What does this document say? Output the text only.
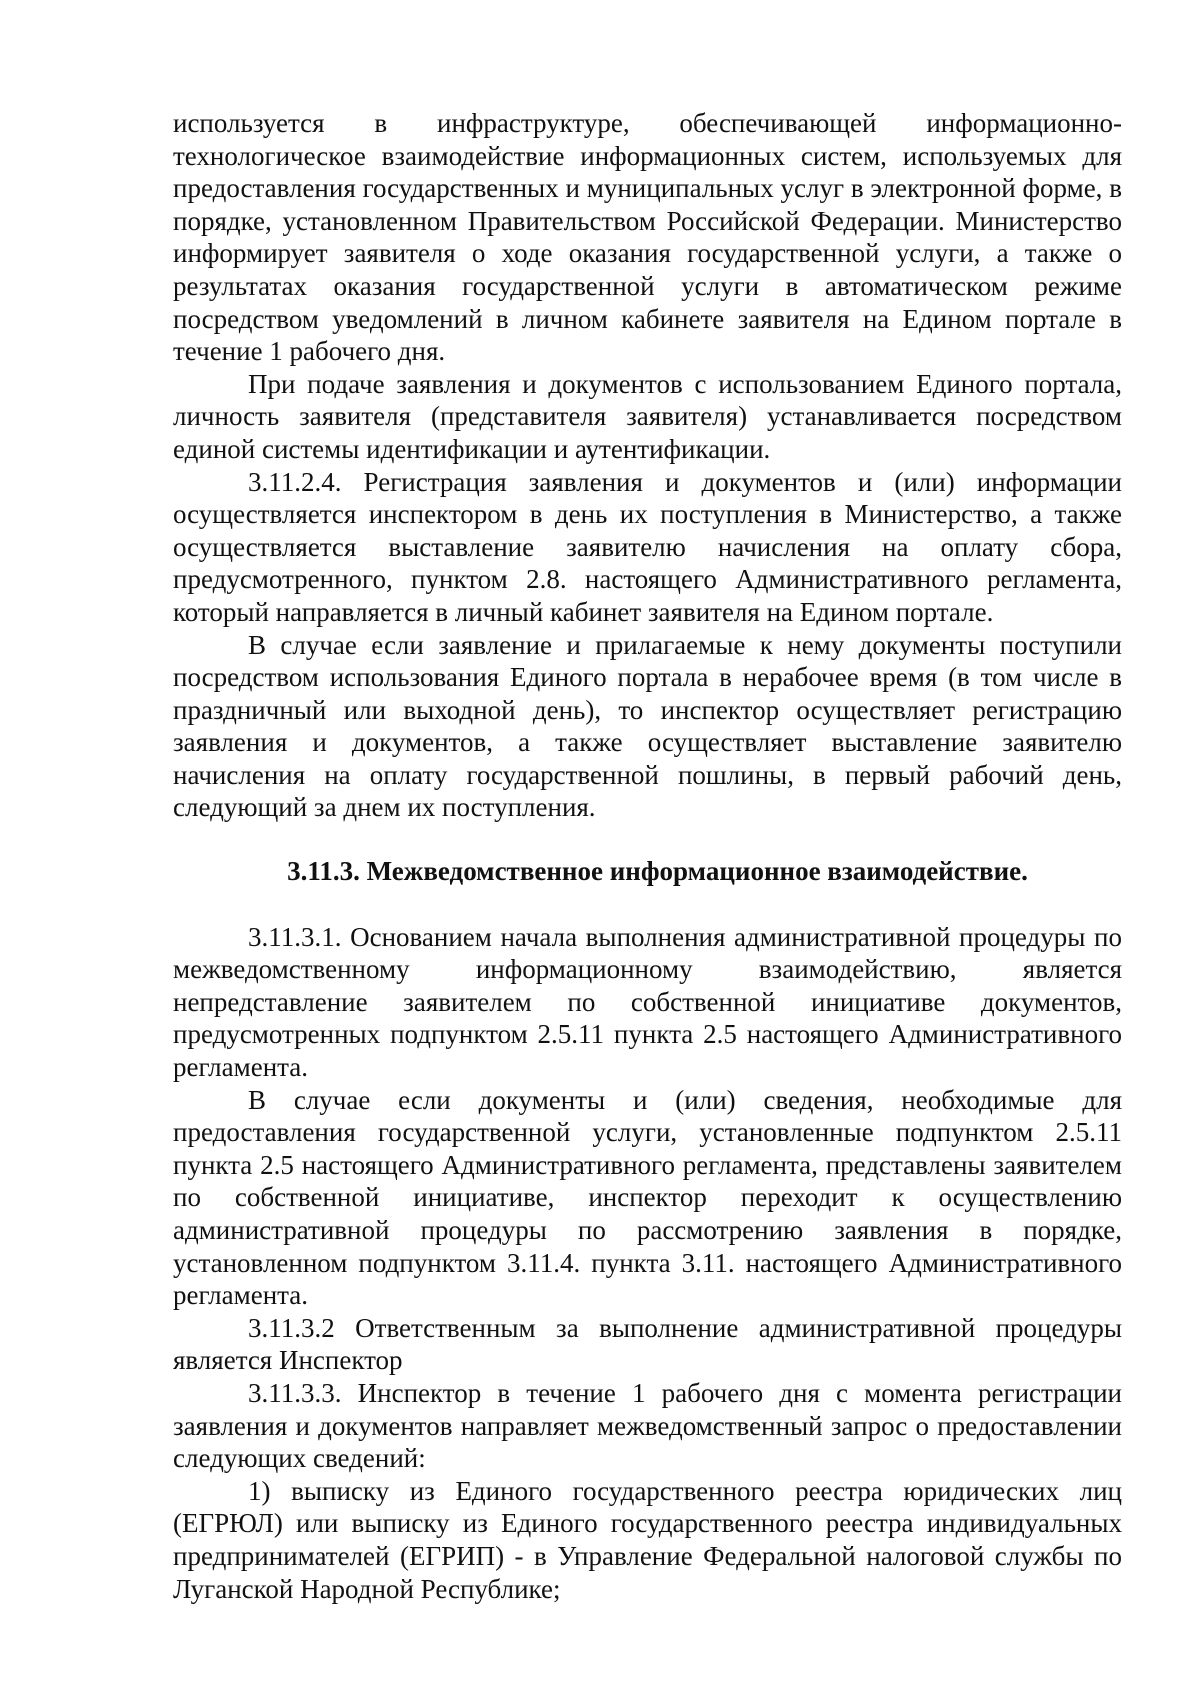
используется в инфраструктуре, обеспечивающей информационно-технологическое взаимодействие информационных систем, используемых для предоставления государственных и муниципальных услуг в электронной форме, в порядке, установленном Правительством Российской Федерации. Министерство информирует заявителя о ходе оказания государственной услуги, а также о результатах оказания государственной услуги в автоматическом режиме посредством уведомлений в личном кабинете заявителя на Едином портале в течение 1 рабочего дня.

При подаче заявления и документов с использованием Единого портала, личность заявителя (представителя заявителя) устанавливается посредством единой системы идентификации и аутентификации.

3.11.2.4. Регистрация заявления и документов и (или) информации осуществляется инспектором в день их поступления в Министерство, а также осуществляется выставление заявителю начисления на оплату сбора, предусмотренного, пунктом 2.8. настоящего Административного регламента, который направляется в личный кабинет заявителя на Едином портале.

В случае если заявление и прилагаемые к нему документы поступили посредством использования Единого портала в нерабочее время (в том числе в праздничный или выходной день), то инспектор осуществляет регистрацию заявления и документов, а также осуществляет выставление заявителю начисления на оплату государственной пошлины, в первый рабочий день, следующий за днем их поступления.

3.11.3. Межведомственное информационное взаимодействие.

3.11.3.1. Основанием начала выполнения административной процедуры по межведомственному информационному взаимодействию, является непредставление заявителем по собственной инициативе документов, предусмотренных подпунктом 2.5.11 пункта 2.5 настоящего Административного регламента.

В случае если документы и (или) сведения, необходимые для предоставления государственной услуги, установленные подпунктом 2.5.11 пункта 2.5 настоящего Административного регламента, представлены заявителем по собственной инициативе, инспектор переходит к осуществлению административной процедуры по рассмотрению заявления в порядке, установленном подпунктом 3.11.4. пункта 3.11. настоящего Административного регламента.

3.11.3.2 Ответственным за выполнение административной процедуры является Инспектор

3.11.3.3. Инспектор в течение 1 рабочего дня с момента регистрации заявления и документов направляет межведомственный запрос о предоставлении следующих сведений:

1) выписку из Единого государственного реестра юридических лиц (ЕГРЮЛ) или выписку из Единого государственного реестра индивидуальных предпринимателей (ЕГРИП) - в Управление Федеральной налоговой службы по Луганской Народной Республике;
